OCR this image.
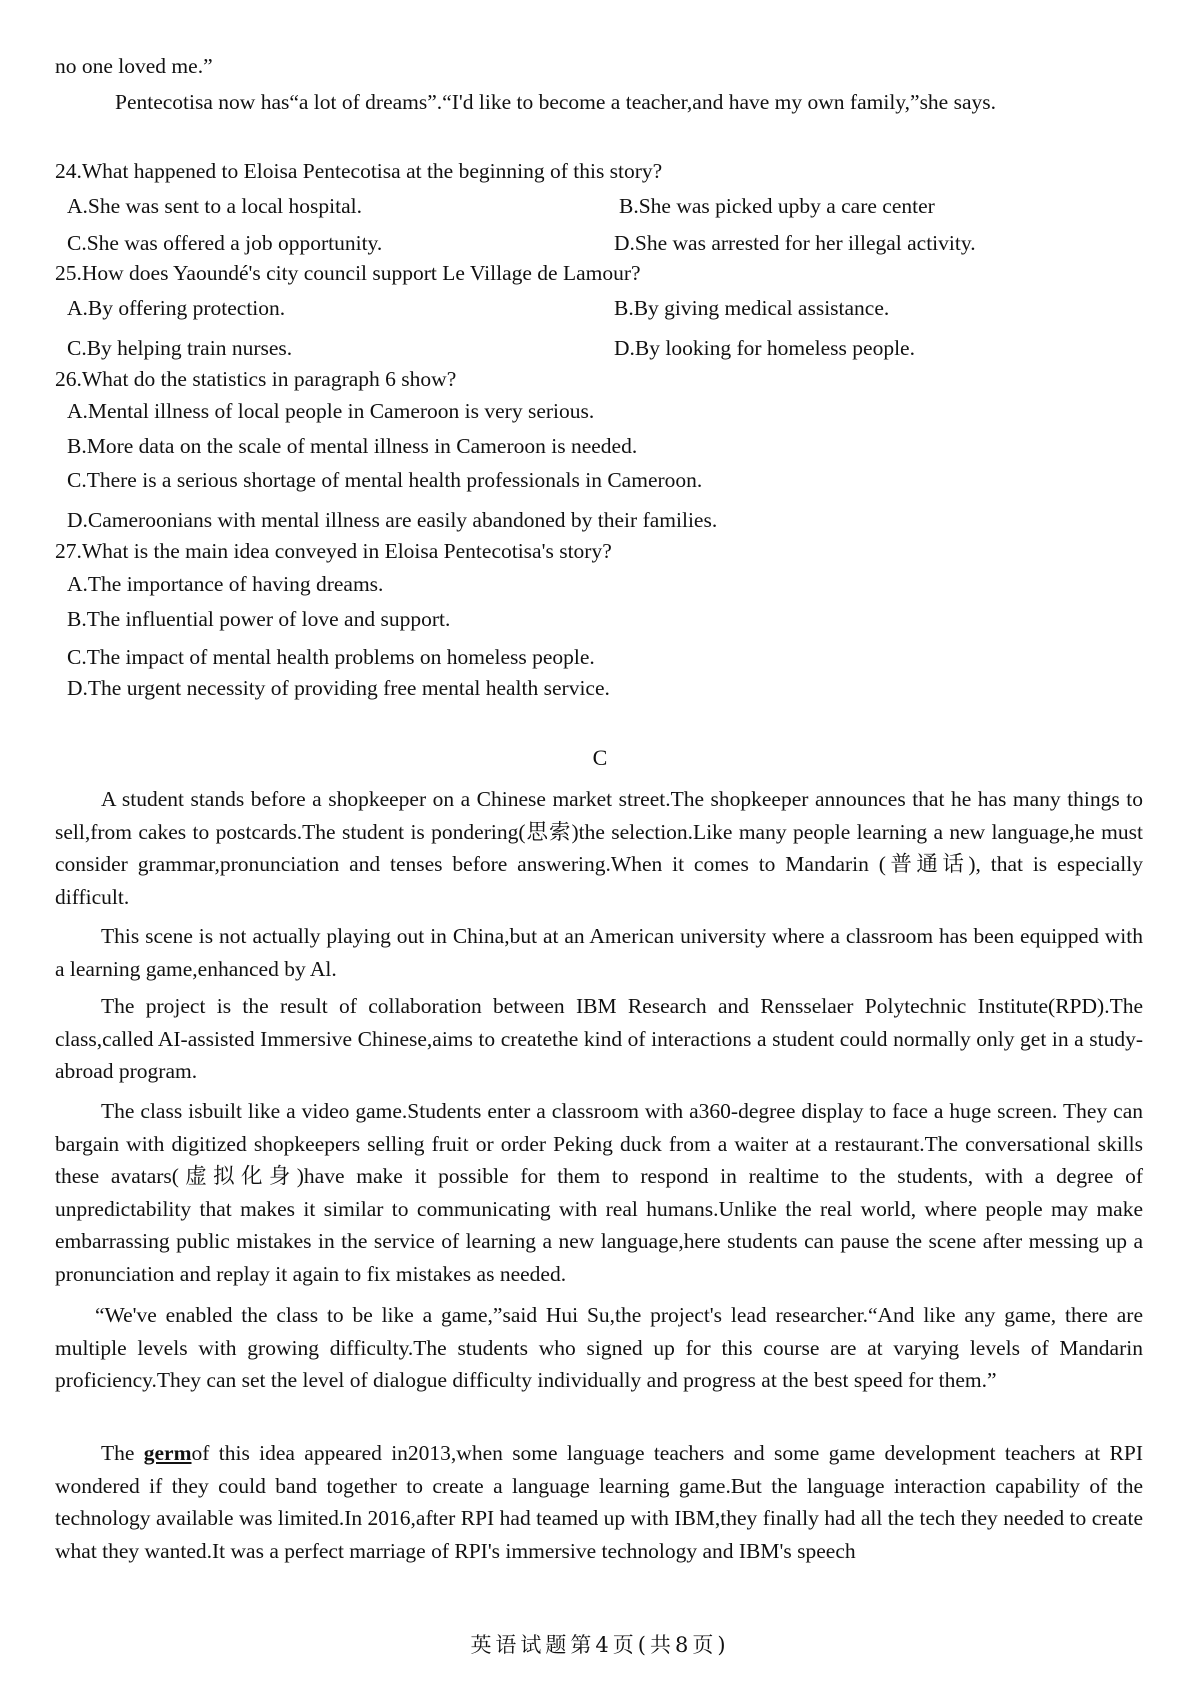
no one loved me.”
Pentecotisa now has“a lot of dreams”.“I'd like to become a teacher,and have my own family,”she says.
24.What happened to Eloisa Pentecotisa at the beginning of this story?
A.She was sent to a local hospital.	B.She was picked upby a care center
C.She was offered a job opportunity.	D.She was arrested for her illegal activity.
25.How does Yaoundé's city council support Le Village de Lamour?
A.By offering protection.	B.By giving medical assistance.
C.By helping train nurses.	D.By looking for homeless people.
26.What do the statistics in paragraph 6 show?
A.Mental illness of local people in Cameroon is very serious.
B.More data on the scale of mental illness in Cameroon is needed.
C.There is a serious shortage of mental health professionals in Cameroon.
D.Cameroonians with mental illness are easily abandoned by their families.
27.What is the main idea conveyed in Eloisa Pentecotisa's story?
A.The importance of having dreams.
B.The influential power of love and support.
C.The impact of mental health problems on homeless people.
D.The urgent necessity of providing free mental health service.
C

A student stands before a shopkeeper on a Chinese market street.The shopkeeper announces that he has many things to sell,from cakes to postcards.The student is pondering(思索)the selection.Like many people learning a new language,he must consider grammar,pronunciation and tenses before answering.When it comes to Mandarin (普通话), that is especially difficult.

This scene is not actually playing out in China,but at an American university where a classroom has been equipped with a learning game,enhanced by Al.

The project is the result of collaboration between IBM Research and Rensselaer Polytechnic Institute(RPD).The class,called AI-assisted Immersive Chinese,aims to createthe kind of interactions a student could normally only get in a study-abroad program.

The class isbuilt like a video game.Students enter a classroom with a360-degree display to face a huge screen. They can bargain with digitized shopkeepers selling fruit or order Peking duck from a waiter at a restaurant.The conversational skills these avatars(虚拟化身)have make it possible for them to respond in realtime to the students, with a degree of unpredictability that makes it similar to communicating with real humans.Unlike the real world, where people may make embarrassing public mistakes in the service of learning a new language,here students can pause the scene after messing up a pronunciation and replay it again to fix mistakes as needed.

“We've enabled the class to be like a game,”said Hui Su,the project's lead researcher.“And like any game, there are multiple levels with growing difficulty.The students who signed up for this course are at varying levels of Mandarin proficiency.They can set the level of dialogue difficulty individually and progress at the best speed for them.”

The germof this idea appeared in2013,when some language teachers and some game development teachers at RPI wondered if they could band together to create a language learning game.But the language interaction capability of the technology available was limited.In 2016,after RPI had teamed up with IBM,they finally had all the tech they needed to create what they wanted.It was a perfect marriage of RPI's immersive technology and IBM's speech

英语试题第4页(共8页)
